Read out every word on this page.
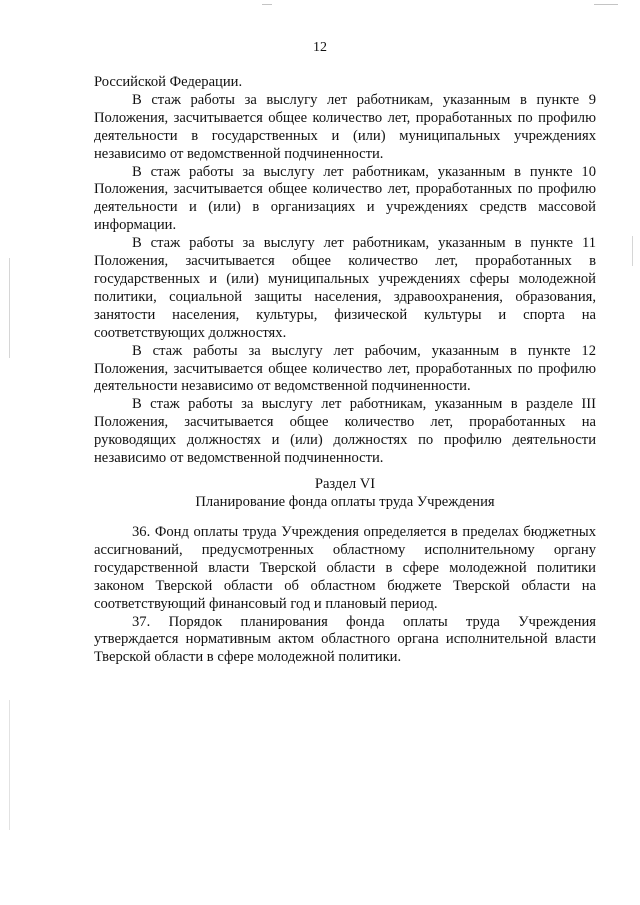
12

Российской Федерации.

В стаж работы за выслугу лет работникам, указанным в пункте 9 Положения, засчитывается общее количество лет, проработанных по профилю деятельности в государственных и (или) муниципальных учреждениях независимо от ведомственной подчиненности.

В стаж работы за выслугу лет работникам, указанным в пункте 10 Положения, засчитывается общее количество лет, проработанных по профилю деятельности и (или) в организациях и учреждениях средств массовой информации.

В стаж работы за выслугу лет работникам, указанным в пункте 11 Положения, засчитывается общее количество лет, проработанных в государственных и (или) муниципальных учреждениях сферы молодежной политики, социальной защиты населения, здравоохранения, образования, занятости населения, культуры, физической культуры и спорта на соответствующих должностях.

В стаж работы за выслугу лет рабочим, указанным в пункте 12 Положения, засчитывается общее количество лет, проработанных по профилю деятельности независимо от ведомственной подчиненности.

В стаж работы за выслугу лет работникам, указанным в разделе III Положения, засчитывается общее количество лет, проработанных на руководящих должностях и (или) должностях по профилю деятельности независимо от ведомственной подчиненности.

Раздел VI
Планирование фонда оплаты труда Учреждения

36. Фонд оплаты труда Учреждения определяется в пределах бюджетных ассигнований, предусмотренных областному исполнительному органу государственной власти Тверской области в сфере молодежной политики законом Тверской области об областном бюджете Тверской области на соответствующий финансовый год и плановый период.

37. Порядок планирования фонда оплаты труда Учреждения утверждается нормативным актом областного органа исполнительной власти Тверской области в сфере молодежной политики.
